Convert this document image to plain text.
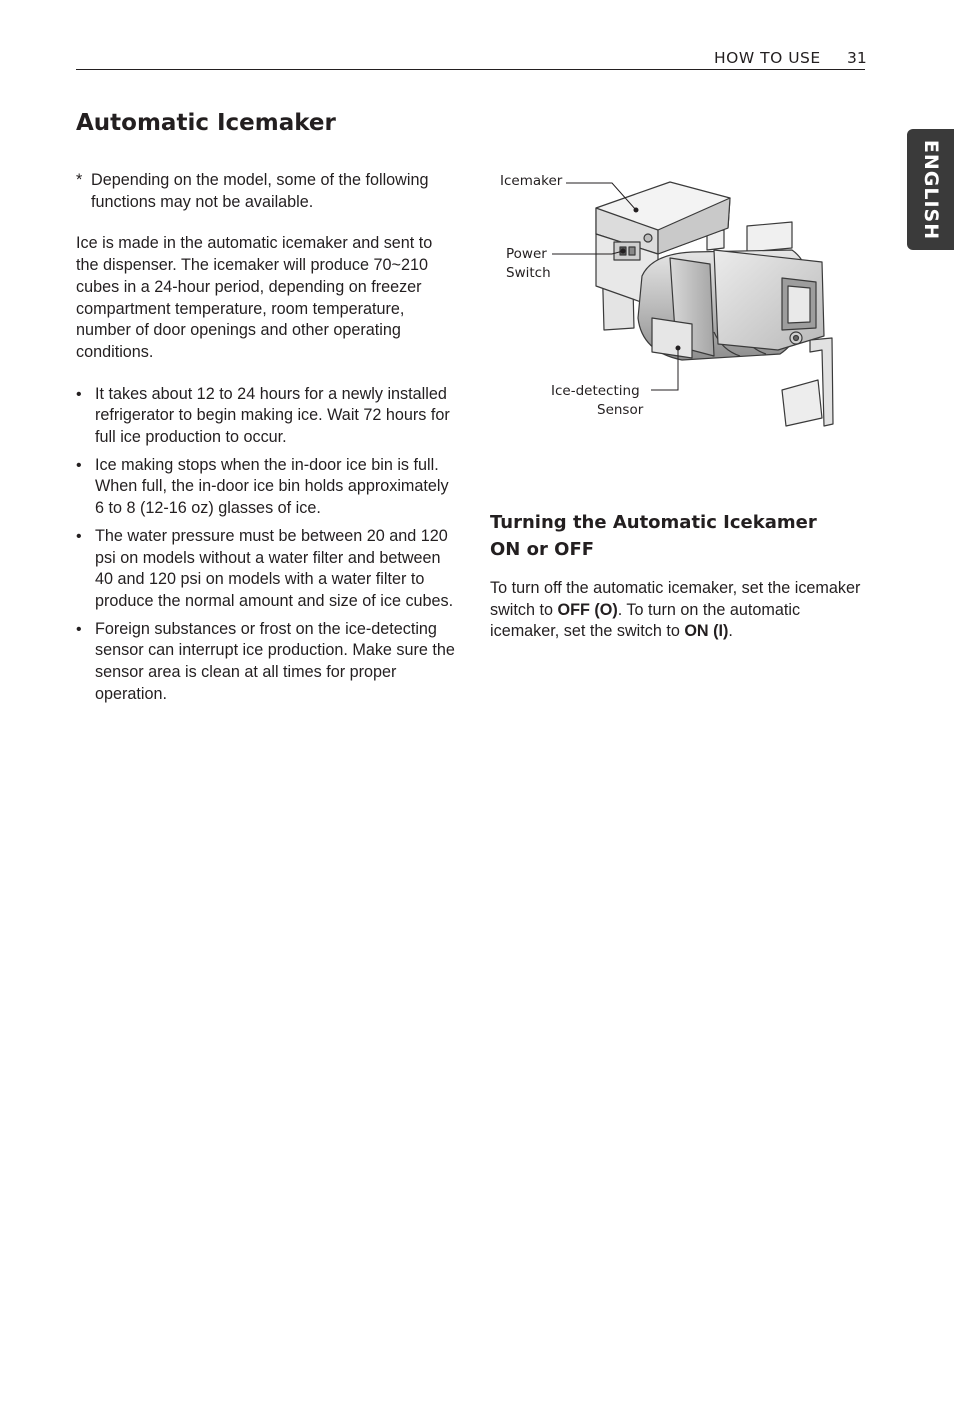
HOW TO USE 31
ENGLISH
Automatic Icemaker
* Depending on the model, some of the following functions may not be available.
Ice is made in the automatic icemaker and sent to the dispenser. The icemaker will produce 70~210 cubes in a 24-hour period, depending on freezer compartment temperature, room temperature, number of door openings and other operating conditions.
• It takes about 12 to 24 hours for a newly installed refrigerator to begin making ice. Wait 72 hours for full ice production to occur.
• Ice making stops when the in-door ice bin is full. When full, the in-door ice bin holds approximately 6 to 8 (12-16 oz) glasses of ice.
• The water pressure must be between 20 and 120 psi on models without a water filter and between 40 and 120 psi on models with a water filter to produce the normal amount and size of ice cubes.
• Foreign substances or frost on the ice-detecting sensor can interrupt ice production. Make sure the sensor area is clean at all times for proper operation.
Icemaker
Power
Switch
Ice-detecting
Sensor
Turning the Automatic Icekamer
ON or OFF
To turn off the automatic icemaker, set the icemaker switch to OFF (O). To turn on the automatic icemaker, set the switch to ON (I).
